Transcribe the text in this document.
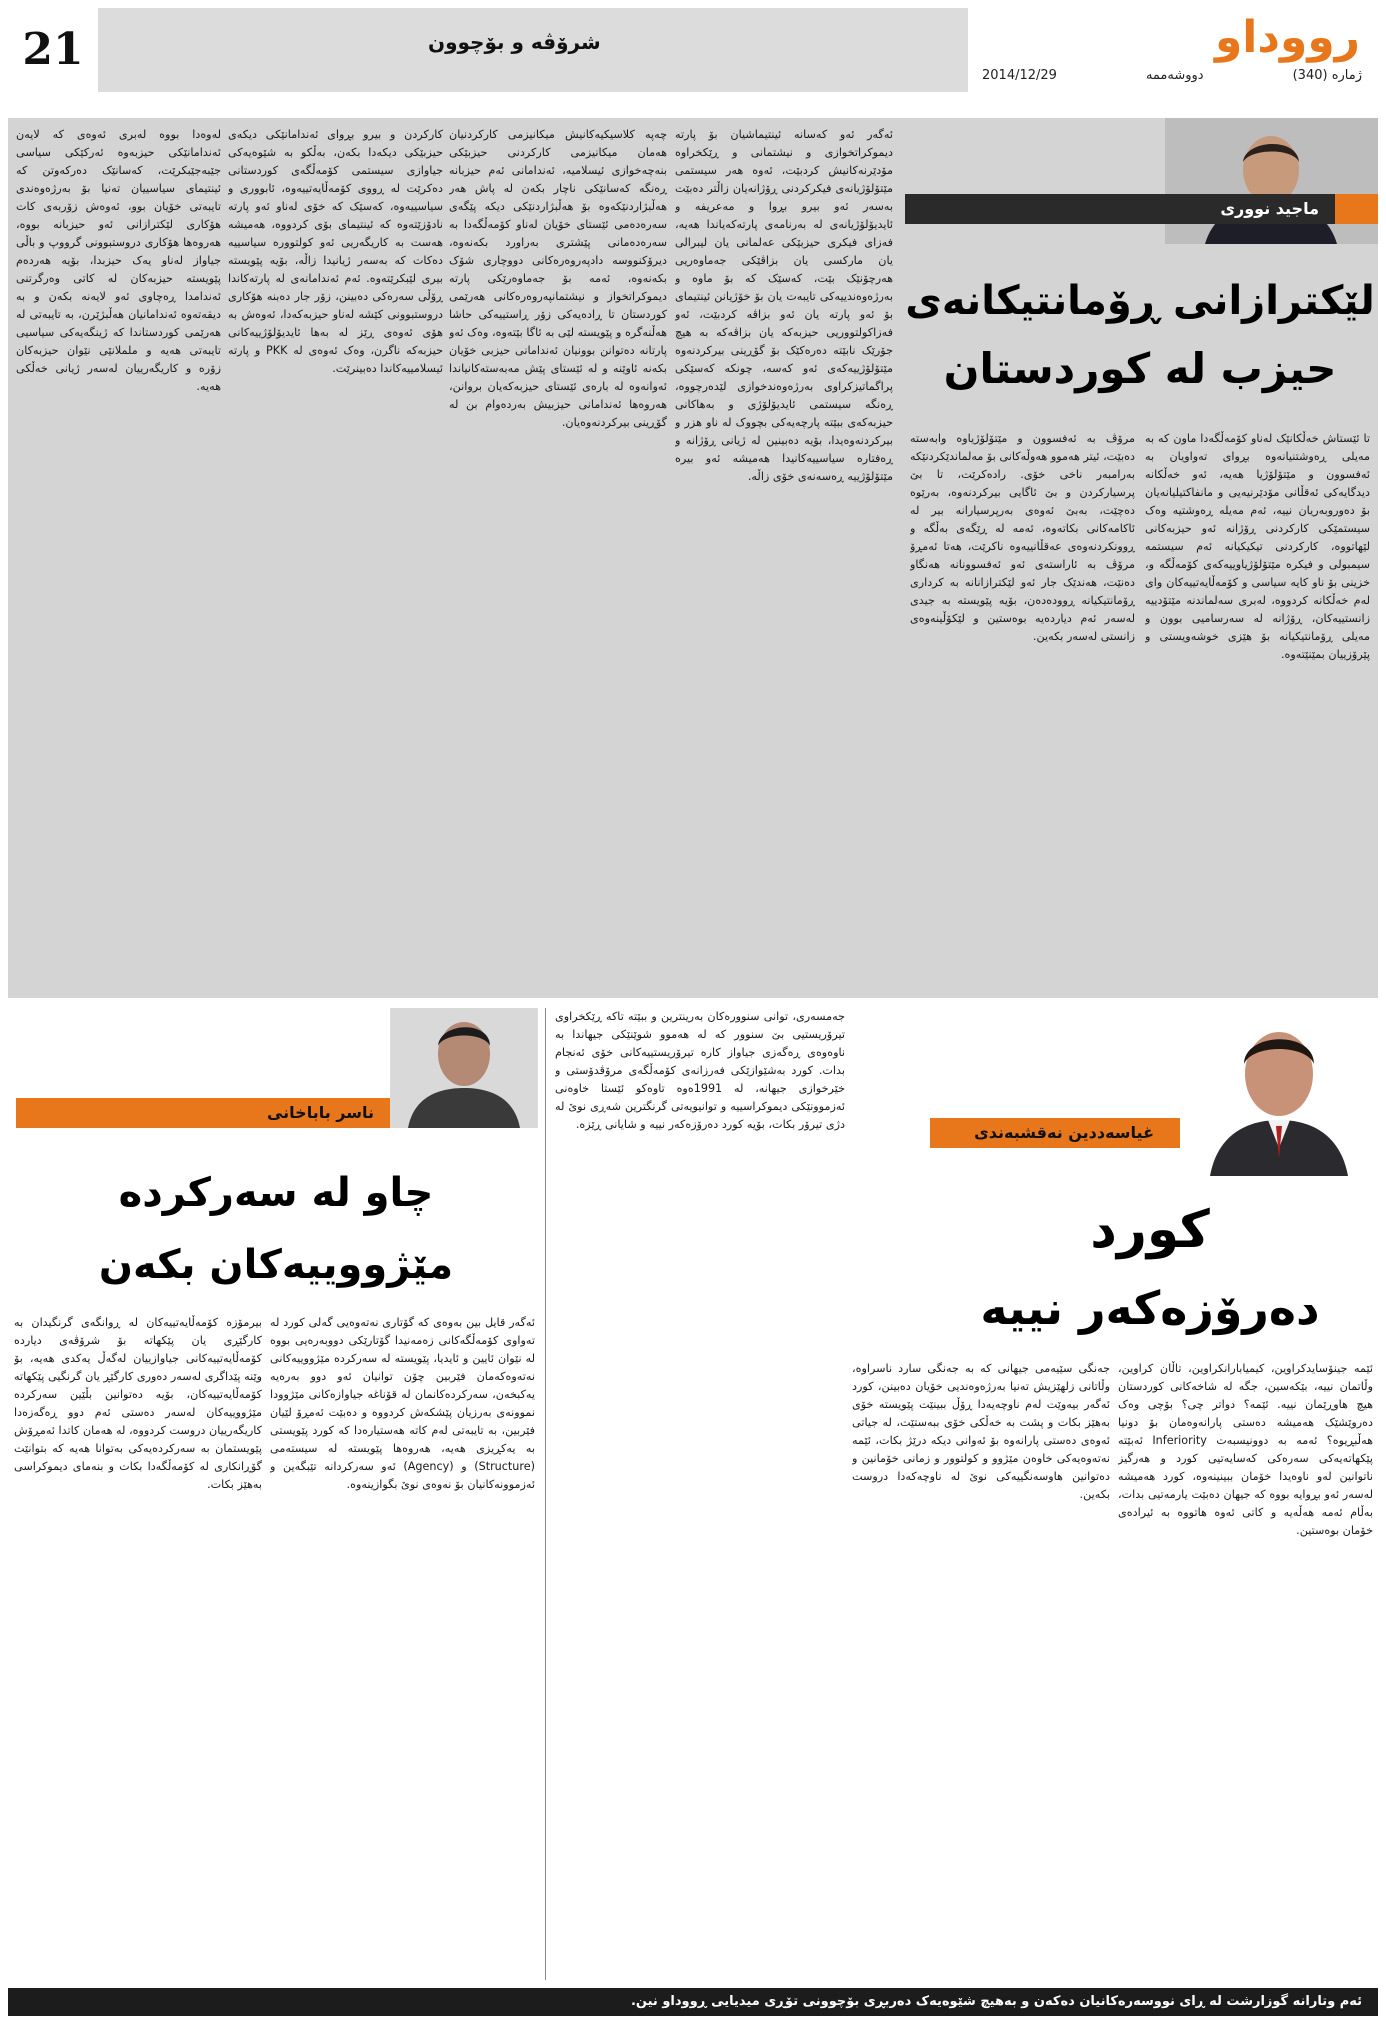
21	شرۆڤە و بۆچوون	رووداو
ژمارە (340)
دووشەممە
2014/12/29
ماجید نووری
لێکترازانی ڕۆمانتیکانەی
حیزب لە کوردستان
ئەگەر ئەو کەسانە ئینتیماشیان بۆ پارتە دیموکراتخوازی و نیشتمانی و ڕێکخراوە مۆدێرنەکانیش کردبێت، ئەوە هەر سیستمی مێتۆلۆژیانەی فیکرکردنی ڕۆژانەیان زاڵتر دەبێت بەسەر ئەو بیرو بڕوا و مەعریفە و ئایدیۆلۆژیانەی لە بەرنامەی پارتەکەیاندا هەیە، فەزای فیکری حیزبێکی عەلمانی یان لیبرالی یان مارکسی یان بزاڤێکی جەماوەریی هەرچۆنێک بێت، کەسێک کە بۆ ماوە و بەرژەوەندییەکی تایبەت یان بۆ خۆژیانن ئینتیمای بۆ ئەو پارتە یان ئەو بزاڤە کردبێت، ئەو فەزاکولتووریی حیزبەکە یان بزاڤەکە بە هیچ جۆرێک نابێتە دەرەکێک بۆ گۆڕینی بیرکردنەوە مێتۆلۆژییەکەی ئەو کەسە، چونکە کەسێکی پراگماتیزکراوی بەرژەوەندخوازی لێدەرچووە، ڕەنگە سیستمی ئایدیۆلۆژی و بەهاکانی حیزبەکەی ببێتە پارچەیەکی بچووک لە ناو هزر و بیرکردنەوەیدا، بۆیە دەبینین لە ژیانی ڕۆژانە و ڕەفتارە سیاسییەکانیدا هەمیشە ئەو بیرە مێتۆلۆژییە ڕەسەنەی خۆی زاڵە.
چەپە کلاسیکیەکانیش میکانیزمی کارکردنیان هەمان میکانیزمی کارکردنی حیزبێکی بنەچەخوازی ئیسلامیە، ئەندامانی ئەم حیزبانە ڕەنگە کەسانێکی ناچار بکەن لە پاش هەر هەڵبژاردنێکەوە بۆ هەڵبژاردنێکی دیکە پێگەی سەرەدەمی ئێستای خۆیان لەناو کۆمەڵگەدا بە سەرەدەمانی پێشتری بەراورد بکەنەوە، دیرۆکنووسە دادپەروەرەکانی دووچاری شۆک بکەنەوە، ئەمە بۆ جەماوەرێکی پارتە دیموکراتخواز و نیشتمانپەروەرەکانی هەرێمی کوردستان تا ڕادەیەکی زۆر ڕاستییەکی حاشا هەڵنەگرە و پێویستە لێی بە ئاگا بێتەوە، وەک ئەو پارتانە دەتوانن بوونیان ئەندامانی حیزبی خۆیان بکەنە ئاوێنە و لە ئێستای پێش مەبەستەکانیاندا ئەوانەوە لە بارەی ئێستای حیزبەکەیان بروانن، هەروەها ئەندامانی حیزبیش بەردەوام بن لە گۆڕینی بیرکردنەوەیان.
کارکردن و بیرو بڕوای ئەندامانێکی دیکەی حیزبێکی دیکەدا بکەن، بەڵکو بە شێوەیەکی جیاوازی سیستمی کۆمەڵگەی کوردستانی دەکرێت لە ڕووی کۆمەڵایەتییەوە، ئابووری و سیاسییەوە، کەسێک کە خۆی لەناو ئەو پارتە نادۆزێتەوە کە ئینتیمای بۆی کردووە، هەمیشە هەست بە کاریگەریی ئەو کولتوورە سیاسییە دەکات کە بەسەر ژیانیدا زاڵە، بۆیە پێویستە بیری لێبکرێتەوە. ئەم ئەندامانەی لە پارتەکاندا ڕۆڵی سەرەکی دەبینن، زۆر جار دەبنە هۆکاری دروستبوونی کێشە لەناو حیزبەکەدا، ئەوەش بە هۆی ئەوەی ڕێز لە بەها ئایدیۆلۆژییەکانی حیزبەکە ناگرن، وەک ئەوەی لە PKK و پارتە ئیسلامییەکاندا دەبینرێت.
لەوەدا بووە لەبری ئەوەی کە لایەن ئەندامانێکی حیزبەوە ئەرکێکی سیاسی جێبەجێبکرێت، کەسانێک دەرکەوتن کە ئینتیمای سیاسییان تەنیا بۆ بەرژەوەندی تایبەتی خۆیان بوو، ئەوەش زۆربەی کات هۆکاری لێکترازانی ئەو حیزبانە بووە، هەروەها هۆکاری دروستبوونی گرووپ و باڵی جیاواز لەناو یەک حیزبدا، بۆیە هەردەم پێویستە حیزبەکان لە کاتی وەرگرتنی ئەندامدا ڕەچاوی ئەو لایەنە بکەن و بە دیقەتەوە ئەندامانیان هەڵبژێرن، بە تایبەتی لە هەرێمی کوردستاندا کە ژینگەیەکی سیاسیی تایبەتی هەیە و ململانێی نێوان حیزبەکان زۆرە و کاریگەرییان لەسەر ژیانی خەڵکی هەیە.
تا ئێستاش خەڵکانێک لەناو کۆمەڵگەدا ماون کە بە مەیلی ڕەوشتنیانەوە بڕوای تەواویان بە ئەفسوون و مێتۆلۆژیا هەیە، ئەو خەڵکانە دیدگایەکی ئەقڵانی مۆدێرنیەیی و مانفاکتیلیانەیان بۆ دەوروبەریان نییە، ئەم مەیلە ڕەوشتیە وەک سیستمێکی کارکردنی ڕۆژانە ئەو حیزبەکانی لێهاتووە، کارکردنی تیکیکیانە ئەم سیستمە سیمبولی و فیکرە مێتۆلۆژیاوییەکەی کۆمەڵگە و، خزینی بۆ ناو کایە سیاسی و کۆمەڵایەتییەکان وای لەم خەڵکانە کردووە، لەبری سەلماندنە مێتۆدییە زانستییەکان، ڕۆژانە لە سەرسامیی بوون و مەیلی ڕۆمانتیکیانە بۆ هێزی خوشەویستی و پێرۆزییان بمێنێتەوە.
مرۆڤ بە ئەفسوون و مێتۆلۆژیاوە وابەستە دەبێت، ئیتر هەموو هەوڵەکانی بۆ مەلماندێکردنێکە بەرامبەر ناخی خۆی. رادەکرێت، تا بێ پرسیارکردن و بێ ئاگایی بیرکردنەوە، بەرێوە دەچێت، بەبێ ئەوەی بەرپرسیارانە بیر لە ئاکامەکانی بکاتەوە، ئەمە لە ڕێگەی بەڵگە و ڕوونکردنەوەی عەقڵانییەوە ناکرێت، هەتا ئەمڕۆ مرۆڤ بە ئاراستەی ئەو ئەفسوونانە هەنگاو دەنێت، هەندێک جار ئەو لێکترازانانە بە کرداری ڕۆمانتیکیانە ڕوودەدەن، بۆیە پێویستە بە جیدی لەسەر ئەم دیاردەیە بوەستین و لێکۆڵینەوەی زانستی لەسەر بکەین.
غیاسەددین نەقشبەندی
کورد
دەرۆزەکەر نییە
ئێمە جینۆسایدکراوین، کیمیابارانکراوین، تاڵان کراوین، وڵاتمان نییە، بێکەسین، جگە لە شاخەکانی کوردستان هیچ هاوڕێمان نییە. ئێمە؟ دواتر چی؟ بۆچی وەک دەروێشێک هەمیشە دەستی پارانەوەمان بۆ دونیا هەڵبڕیوە؟ ئەمە بە دوونیسبەت Inferiority ئەبێتە پێکهاتەیەکی سەرەکی کەسایەتیی کورد و هەرگیز ناتوانین لەو ناوەیدا خۆمان ببینینەوە، کورد هەمیشە لەسەر ئەو بڕوایە بووە کە جیهان دەبێت یارمەتیی بدات، بەڵام ئەمە هەڵەیە و کاتی ئەوە هاتووە بە ئیرادەی خۆمان بوەستین.
جەنگی سێیەمی جیهانی کە بە جەنگی سارد ناسراوە، وڵاتانی زلهێزیش تەنیا بەرژەوەندیی خۆیان دەبینن، کورد ئەگەر بیەوێت لەم ناوچەیەدا ڕۆڵ ببینێت پێویستە خۆی بەهێز بکات و پشت بە خەڵکی خۆی ببەستێت، لە جیاتی ئەوەی دەستی پارانەوە بۆ ئەوانی دیکە درێژ بکات، ئێمە نەتەوەیەکی خاوەن مێژوو و کولتوور و زمانی خۆمانین و دەتوانین هاوسەنگییەکی نوێ لە ناوچەکەدا دروست بکەین.
جەمسەری، توانی سنوورەکان بەرینترین و ببێتە تاکە ڕێکخراوی تیرۆریستیی بێ سنوور کە لە هەموو شوێنێکی جیهاندا بە ناوەوەی ڕەگەزی جیاواز کارە تیرۆریستییەکانی خۆی ئەنجام بدات. کورد بەشێوازێکی فەرزانەی کۆمەڵگەی مرۆڤدۆستی و خێرخوازی جیهانە، لە 1991ەوە تاوەکو ئێستا خاوەنی ئەزموونێکی دیموکراسییە و توانیویەتی گرنگترین شەڕی نوێ لە دژی تیرۆر بکات، بۆیە کورد دەرۆزەکەر نییە و شایانی ڕێزە.
ناسر باباخانی
چاو لە سەرکردە
مێژووییەکان بکەن
ئەگەر قایل بین بەوەی کە گۆتاری نەتەوەیی گەلی کورد لە تەواوی کۆمەڵگەکانی زەمەنیدا گۆتارێکی دووبەرەیی بووە لە نێوان ئایین و ئایدیا، پێویستە لە سەرکردە مێژووییەکانی نەتەوەکەمان فێربین چۆن توانیان ئەو دوو بەرەیە یەکبخەن، سەرکردەکانمان لە قۆناغە جیاوازەکانی مێژوودا نموونەی بەرزیان پێشکەش کردووە و دەبێت ئەمڕۆ لێیان فێربین، بە تایبەتی لەم کاتە هەستیارەدا کە کورد پێویستی بە یەکڕیزی هەیە، هەروەها پێویستە لە سیستەمی (Structure) و (Agency) ئەو سەرکردانە تێبگەین و ئەزموونەکانیان بۆ نەوەی نوێ بگوازینەوە.
بیرمۆزە کۆمەڵایەتییەکان لە ڕوانگەی گرنگیدان بە کارگێڕی یان پێکهاتە بۆ شرۆڤەی دیاردە کۆمەڵایەتییەکانی جیاوازییان لەگەڵ یەکدی هەیە، بۆ وێنە پێداگری لەسەر دەوری کارگێڕ یان گرنگیی پێکهاتە کۆمەڵایەتییەکان، بۆیە دەتوانین بڵێین سەرکردە مێژووییەکان لەسەر دەستی ئەم دوو ڕەگەزەدا کاریگەرییان دروست کردووە، لە هەمان کاتدا ئەمڕۆش پێویستمان بە سەرکردەیەکی بەتوانا هەیە کە بتوانێت گۆڕانکاری لە کۆمەڵگەدا بکات و بنەمای دیموکراسی بەهێز بکات.
ئەم وتارانە گوزارشت لە ڕای نووسەرەکانیان دەکەن و بەهیچ شێوەیەک دەربڕی بۆچوونی تۆڕی میدیایی ڕووداو نین.
